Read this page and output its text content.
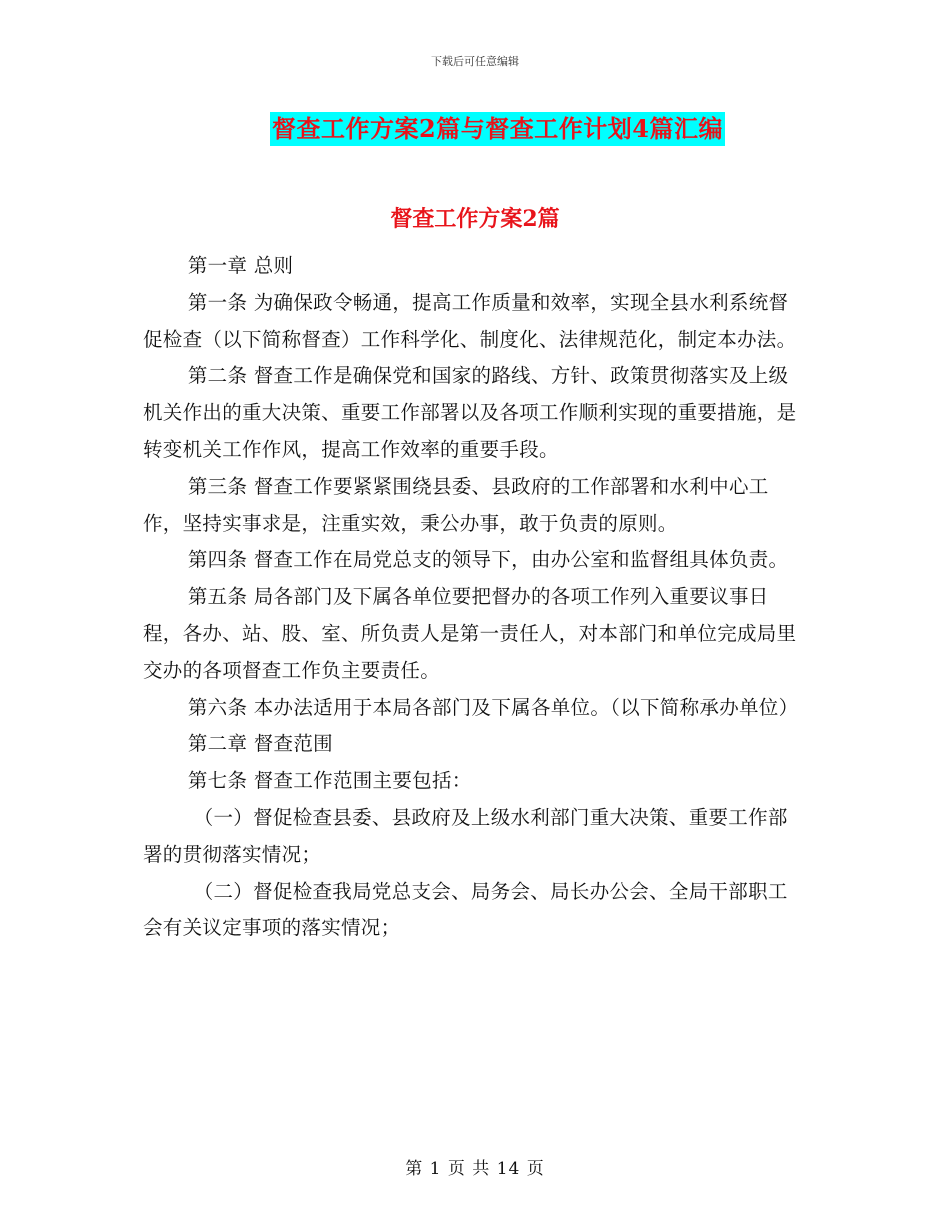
下载后可任意编辑
督查工作方案2篇与督查工作计划4篇汇编
督查工作方案2篇

第一章 总则

第一条 为确保政令畅通，提高工作质量和效率，实现全县水利系统督促检查（以下简称督查）工作科学化、制度化、法律规范化，制定本办法。

第二条 督查工作是确保党和国家的路线、方针、政策贯彻落实及上级机关作出的重大决策、重要工作部署以及各项工作顺利实现的重要措施，是转变机关工作作风，提高工作效率的重要手段。

第三条 督查工作要紧紧围绕县委、县政府的工作部署和水利中心工作，坚持实事求是，注重实效，秉公办事，敢于负责的原则。

第四条 督查工作在局党总支的领导下，由办公室和监督组具体负责。

第五条 局各部门及下属各单位要把督办的各项工作列入重要议事日程，各办、站、股、室、所负责人是第一责任人，对本部门和单位完成局里交办的各项督查工作负主要责任。

第六条 本办法适用于本局各部门及下属各单位。（以下简称承办单位）

第二章 督查范围

第七条 督查工作范围主要包括：

（一）督促检查县委、县政府及上级水利部门重大决策、重要工作部署的贯彻落实情况；

（二）督促检查我局党总支会、局务会、局长办公会、全局干部职工会有关议定事项的落实情况；

第 1 页 共 14 页
